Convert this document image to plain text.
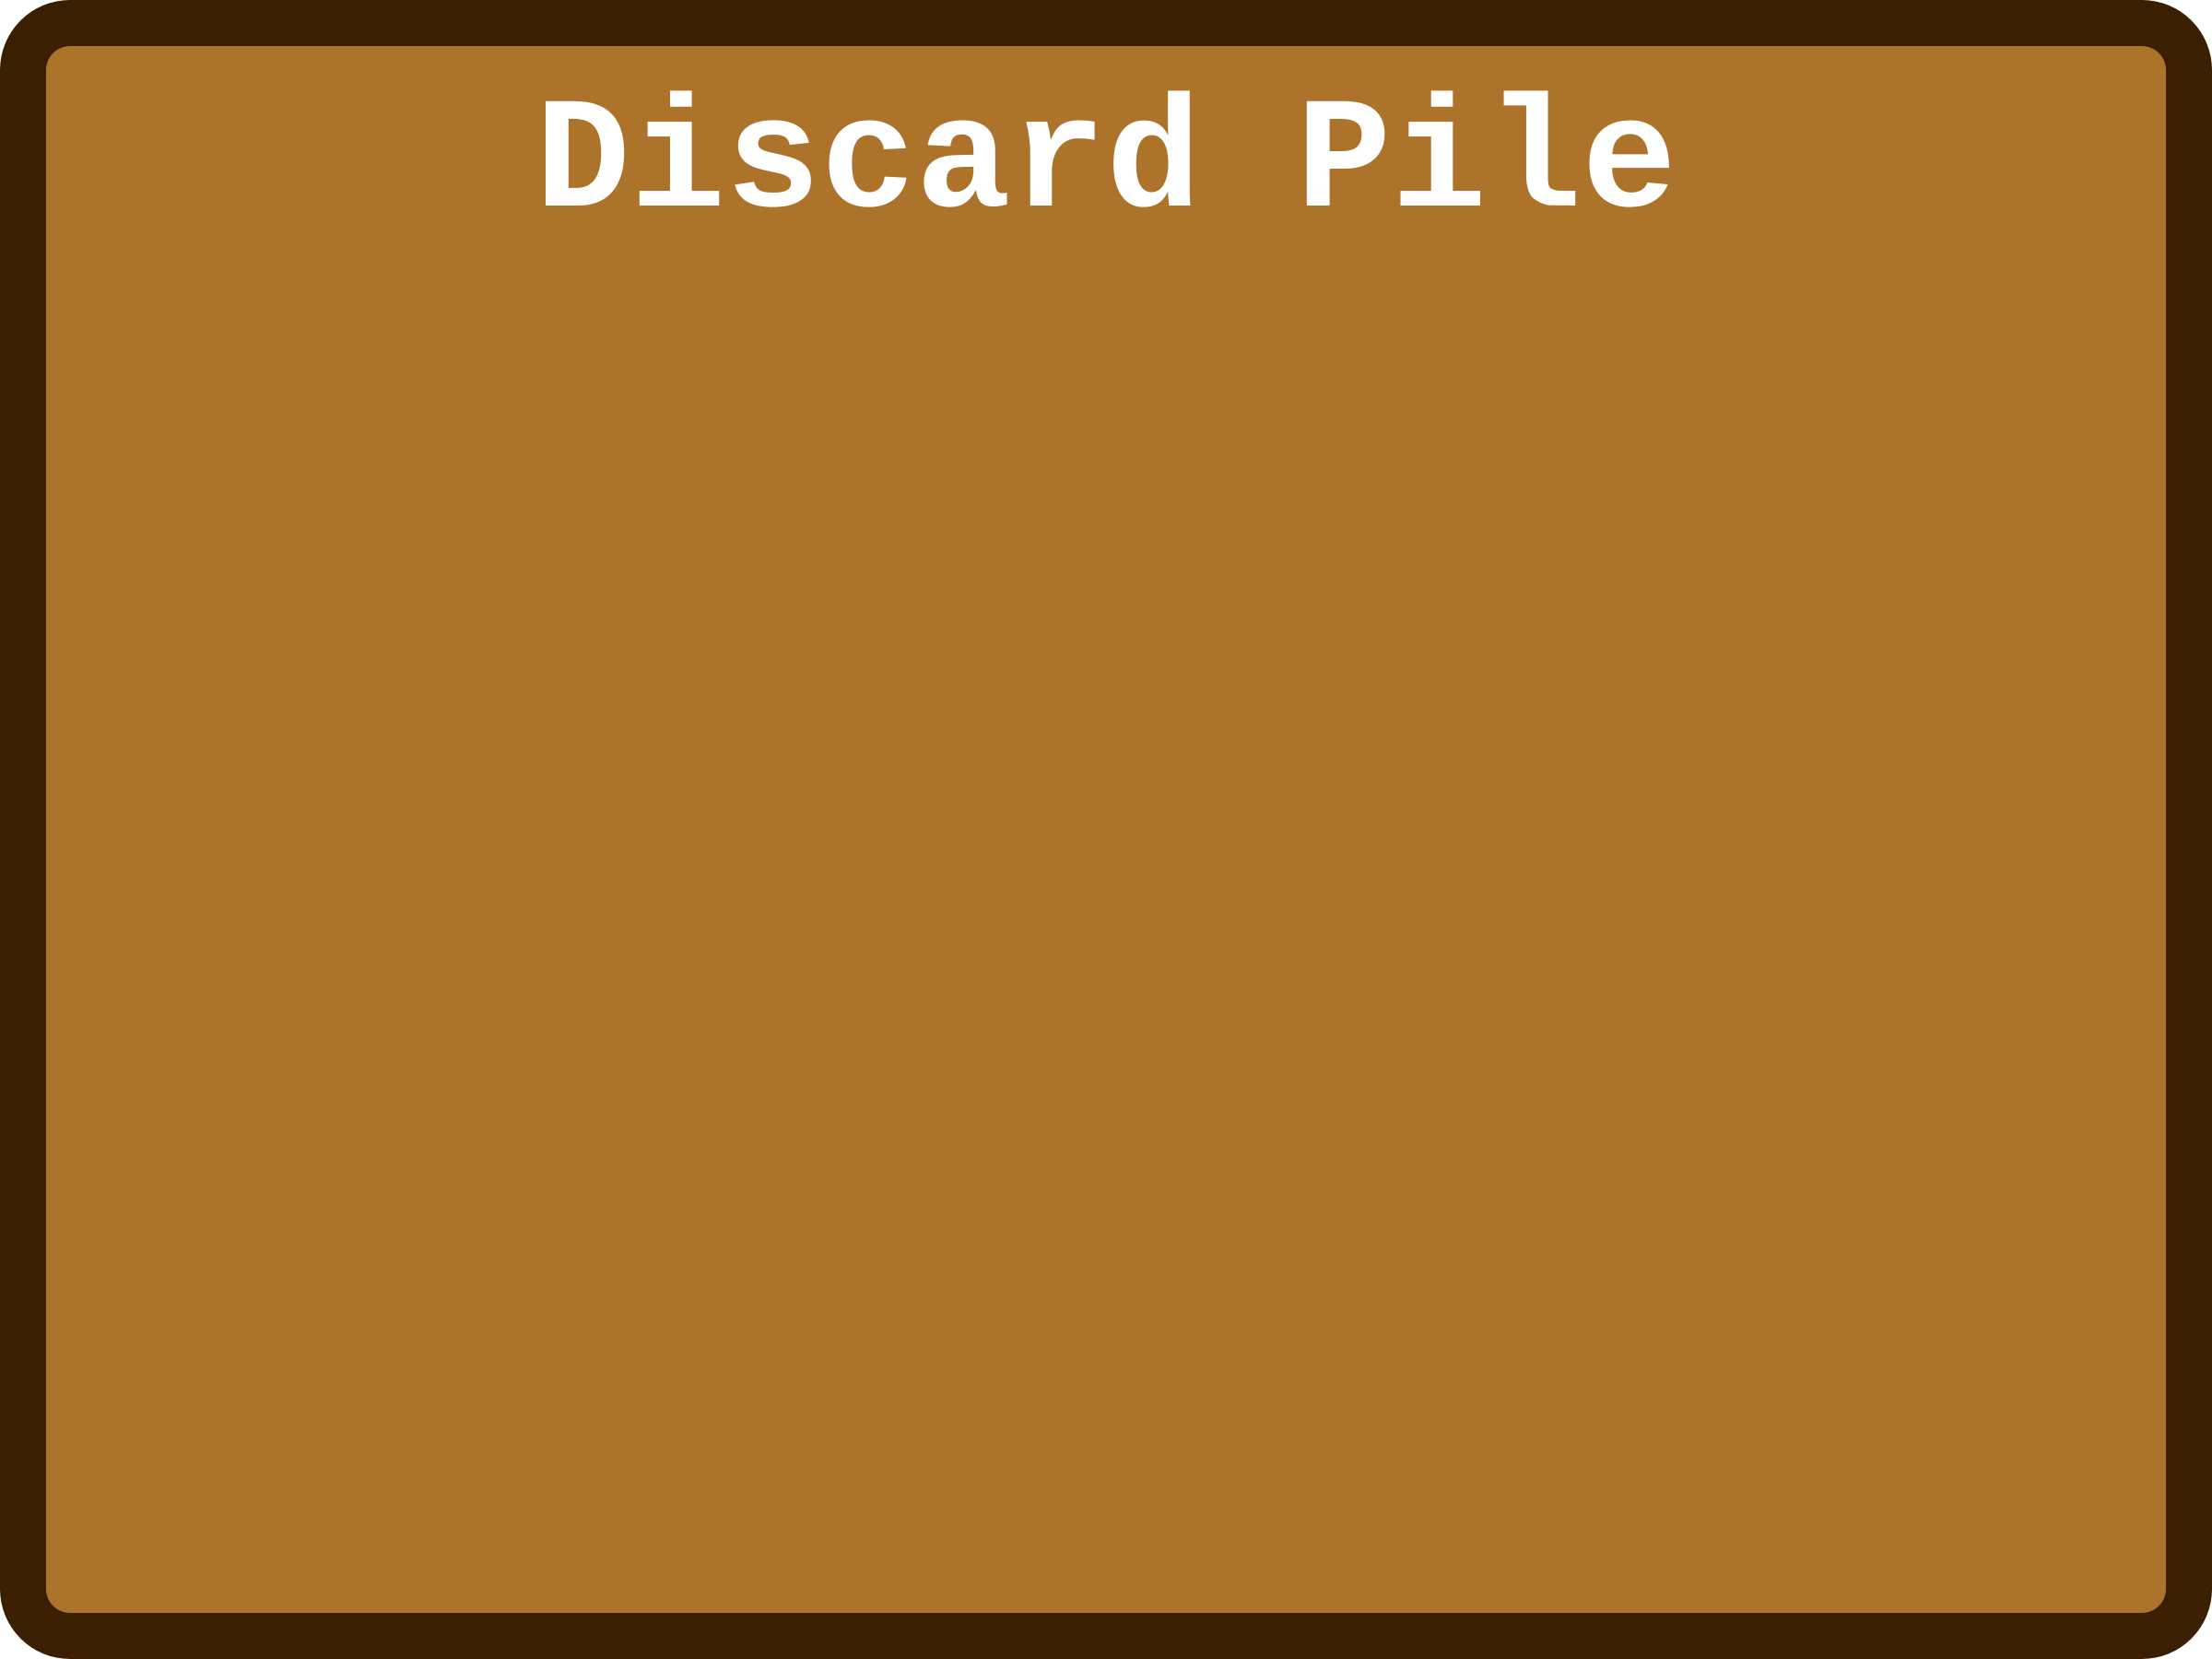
Discard Pile
